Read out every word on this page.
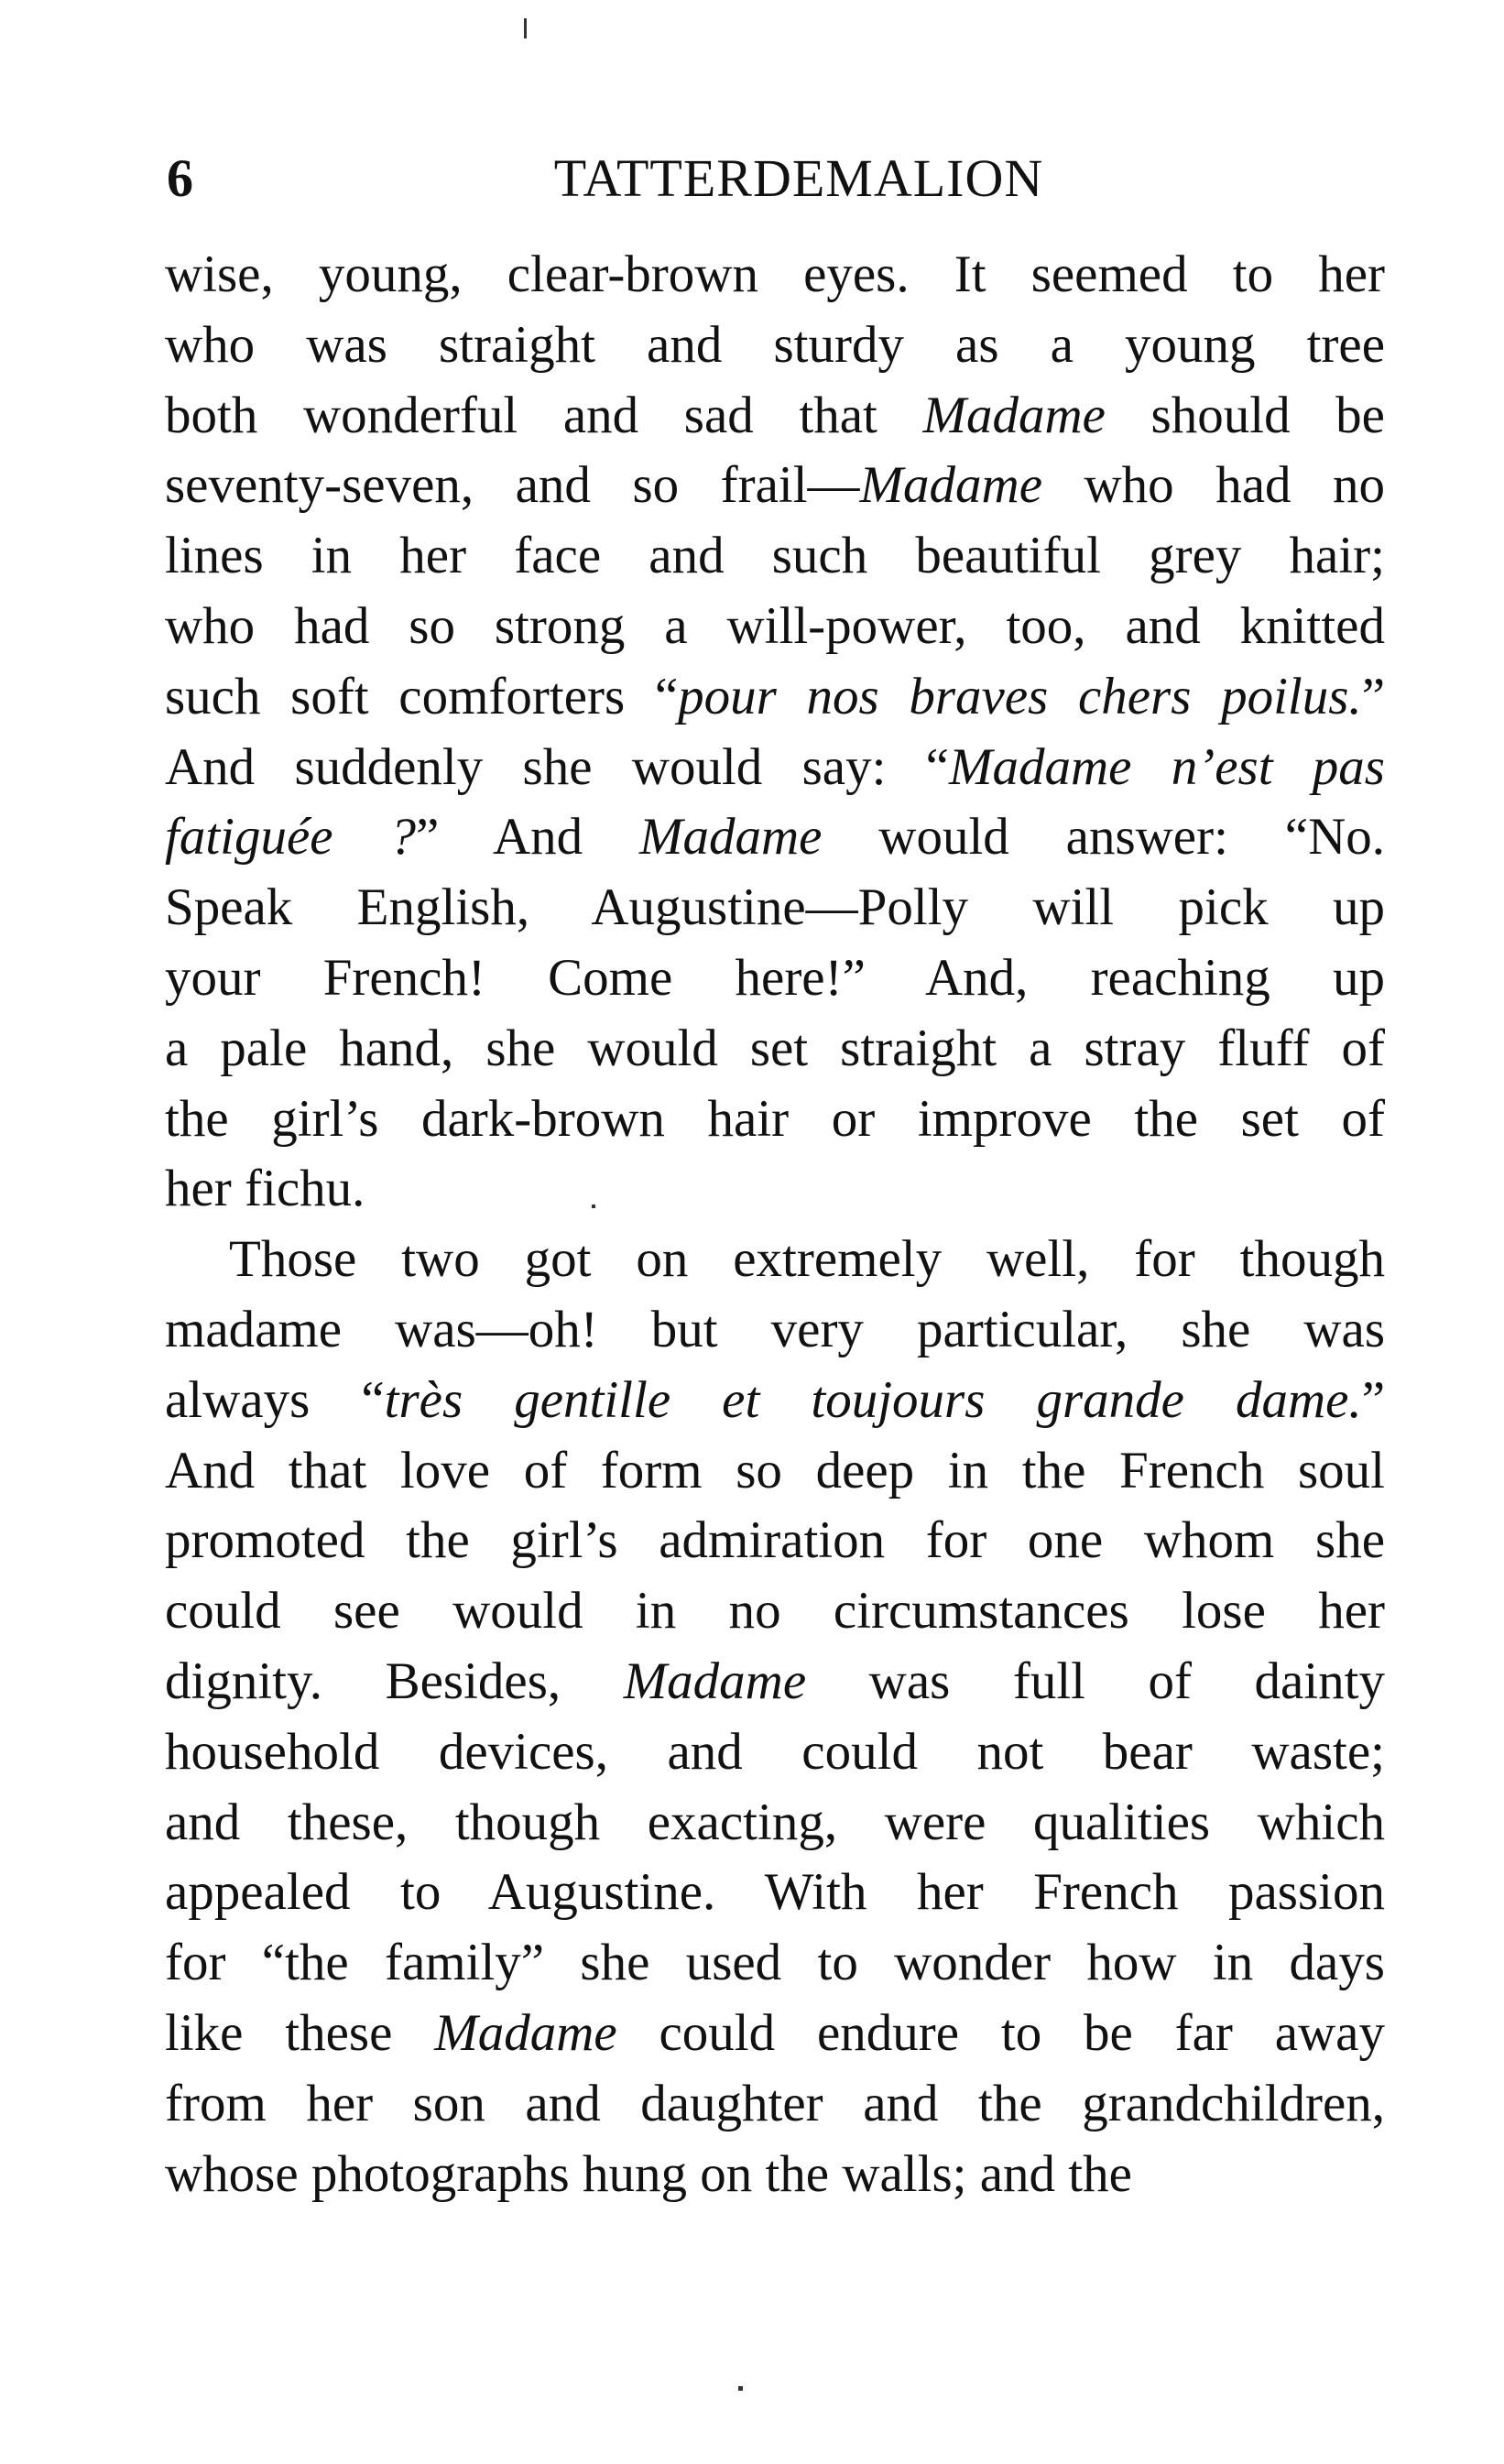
6	TATTERDEMALION
wise, young, clear-brown eyes. It seemed to her
who was straight and sturdy as a young tree
both wonderful and sad that Madame should be
seventy-seven, and so frail—Madame who had no
lines in her face and such beautiful grey hair;
who had so strong a will-power, too, and knitted
such soft comforters “pour nos braves chers poilus.”
And suddenly she would say: “Madame n’est pas
fatiguée ?” And Madame would answer: “No.
Speak English, Augustine—Polly will pick up
your French! Come here!” And, reaching up
a pale hand, she would set straight a stray fluff of
the girl’s dark-brown hair or improve the set of
her fichu.
Those two got on extremely well, for though
madame was—oh! but very particular, she was
always “très gentille et toujours grande dame.”
And that love of form so deep in the French soul
promoted the girl’s admiration for one whom she
could see would in no circumstances lose her
dignity. Besides, Madame was full of dainty
household devices, and could not bear waste;
and these, though exacting, were qualities which
appealed to Augustine. With her French passion
for “the family” she used to wonder how in days
like these Madame could endure to be far away
from her son and daughter and the grandchildren,
whose photographs hung on the walls; and the
